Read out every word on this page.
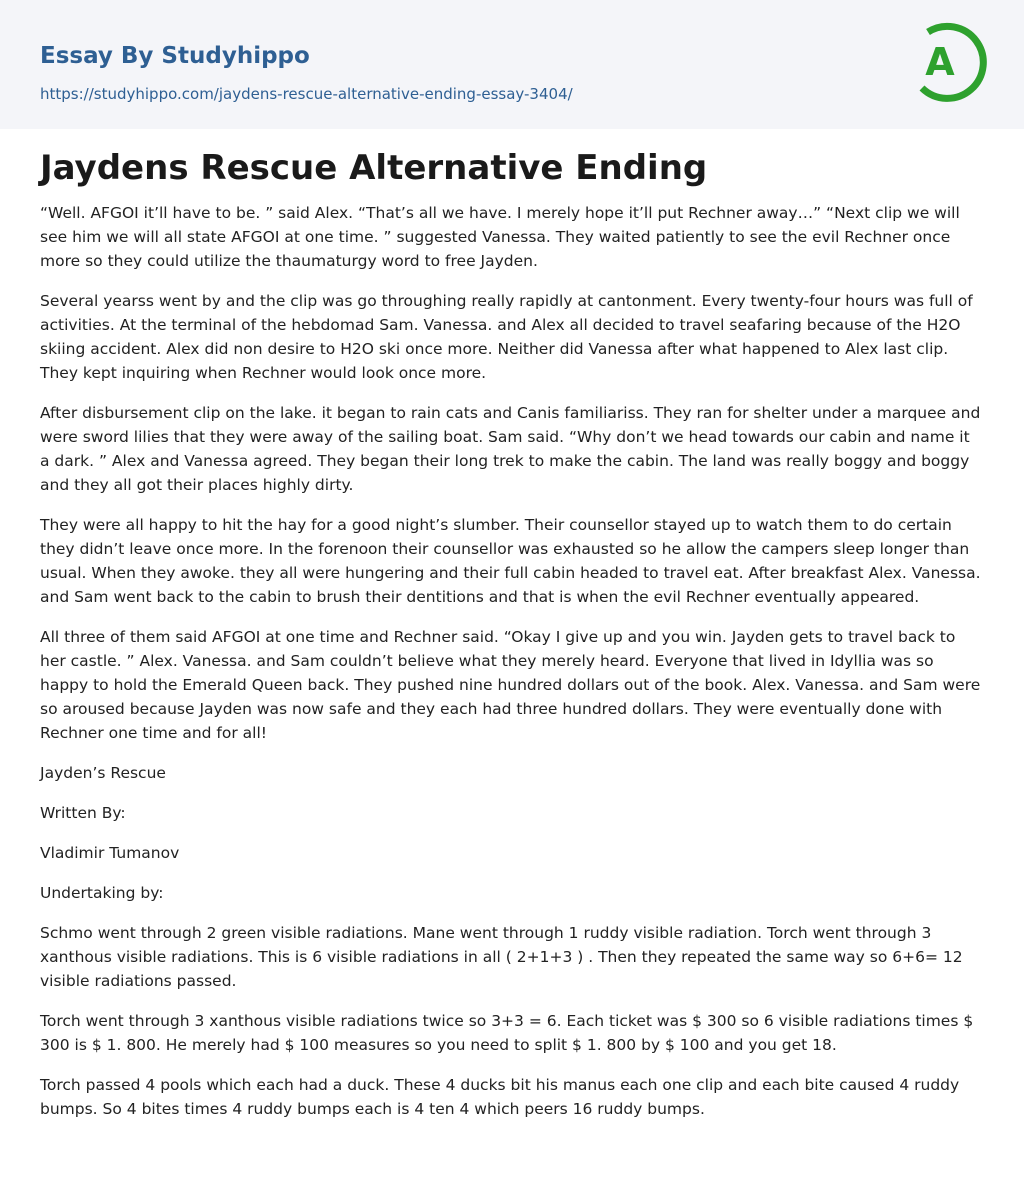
Essay By Studyhippo
https://studyhippo.com/jaydens-rescue-alternative-ending-essay-3404/
A
Jaydens Rescue Alternative Ending

“Well. AFGOI it’ll have to be. ” said Alex. “That’s all we have. I merely hope it’ll put Rechner away…” “Next clip we will see him we will all state AFGOI at one time. ” suggested Vanessa. They waited patiently to see the evil Rechner once more so they could utilize the thaumaturgy word to free Jayden.

Several yearss went by and the clip was go throughing really rapidly at cantonment. Every twenty-four hours was full of activities. At the terminal of the hebdomad Sam. Vanessa. and Alex all decided to travel seafaring because of the H2O skiing accident. Alex did non desire to H2O ski once more. Neither did Vanessa after what happened to Alex last clip. They kept inquiring when Rechner would look once more.

After disbursement clip on the lake. it began to rain cats and Canis familiariss. They ran for shelter under a marquee and were sword lilies that they were away of the sailing boat. Sam said. “Why don’t we head towards our cabin and name it a dark. ” Alex and Vanessa agreed. They began their long trek to make the cabin. The land was really boggy and boggy and they all got their places highly dirty.

They were all happy to hit the hay for a good night’s slumber. Their counsellor stayed up to watch them to do certain they didn’t leave once more. In the forenoon their counsellor was exhausted so he allow the campers sleep longer than usual. When they awoke. they all were hungering and their full cabin headed to travel eat. After breakfast Alex. Vanessa. and Sam went back to the cabin to brush their dentitions and that is when the evil Rechner eventually appeared.

All three of them said AFGOI at one time and Rechner said. “Okay I give up and you win. Jayden gets to travel back to her castle. ” Alex. Vanessa. and Sam couldn’t believe what they merely heard. Everyone that lived in Idyllia was so happy to hold the Emerald Queen back. They pushed nine hundred dollars out of the book. Alex. Vanessa. and Sam were so aroused because Jayden was now safe and they each had three hundred dollars. They were eventually done with Rechner one time and for all!

Jayden’s Rescue

Written By:

Vladimir Tumanov

Undertaking by:

Schmo went through 2 green visible radiations. Mane went through 1 ruddy visible radiation. Torch went through 3 xanthous visible radiations. This is 6 visible radiations in all ( 2+1+3 ) . Then they repeated the same way so 6+6= 12 visible radiations passed.

Torch went through 3 xanthous visible radiations twice so 3+3 = 6. Each ticket was $ 300 so 6 visible radiations times $ 300 is $ 1. 800. He merely had $ 100 measures so you need to split $ 1. 800 by $ 100 and you get 18.

Torch passed 4 pools which each had a duck. These 4 ducks bit his manus each one clip and each bite caused 4 ruddy bumps. So 4 bites times 4 ruddy bumps each is 4 ten 4 which peers 16 ruddy bumps.
